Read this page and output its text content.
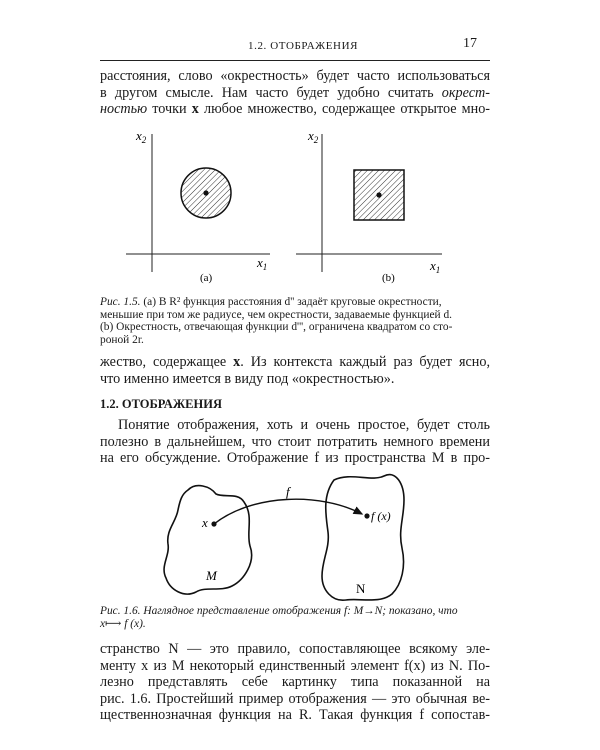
1.2. ОТОБРАЖЕНИЯ	17

расстояния, слово «окрестность» будет часто использоваться
в другом смысле. Нам часто будет удобно считать окрест-
ностью точки x любое множество, содержащее открытое мно-

$x_2$
$x_1$
(a)
$x_2$
$x_1$
(b)

Рис. 1.5. (a) В R² функция расстояния d'' задаёт круговые окрестности,
меньшие при том же радиусе, чем окрестности, задаваемые функцией d.
(b) Окрестность, отвечающая функции d''', ограничена квадратом со сто-
роной 2r.

жество, содержащее x. Из контекста каждый раз будет ясно,
что именно имеется в виду под «окрестностью».

1.2. ОТОБРАЖЕНИЯ

Понятие отображения, хоть и очень простое, будет столь
полезно в дальнейшем, что стоит потратить немного времени
на его обсуждение. Отображение f из пространства M в про-

x
f
f (x)
M
N

Рис. 1.6. Наглядное представление отображения f: M→N; показано, что
x⟼ f (x).

странство N — это правило, сопоставляющее всякому эле-
менту x из M некоторый единственный элемент f(x) из N. По-
лезно представлять себе картинку типа показанной на
рис. 1.6. Простейший пример отображения — это обычная ве-
щественнозначная функция на R. Такая функция f сопостав-
